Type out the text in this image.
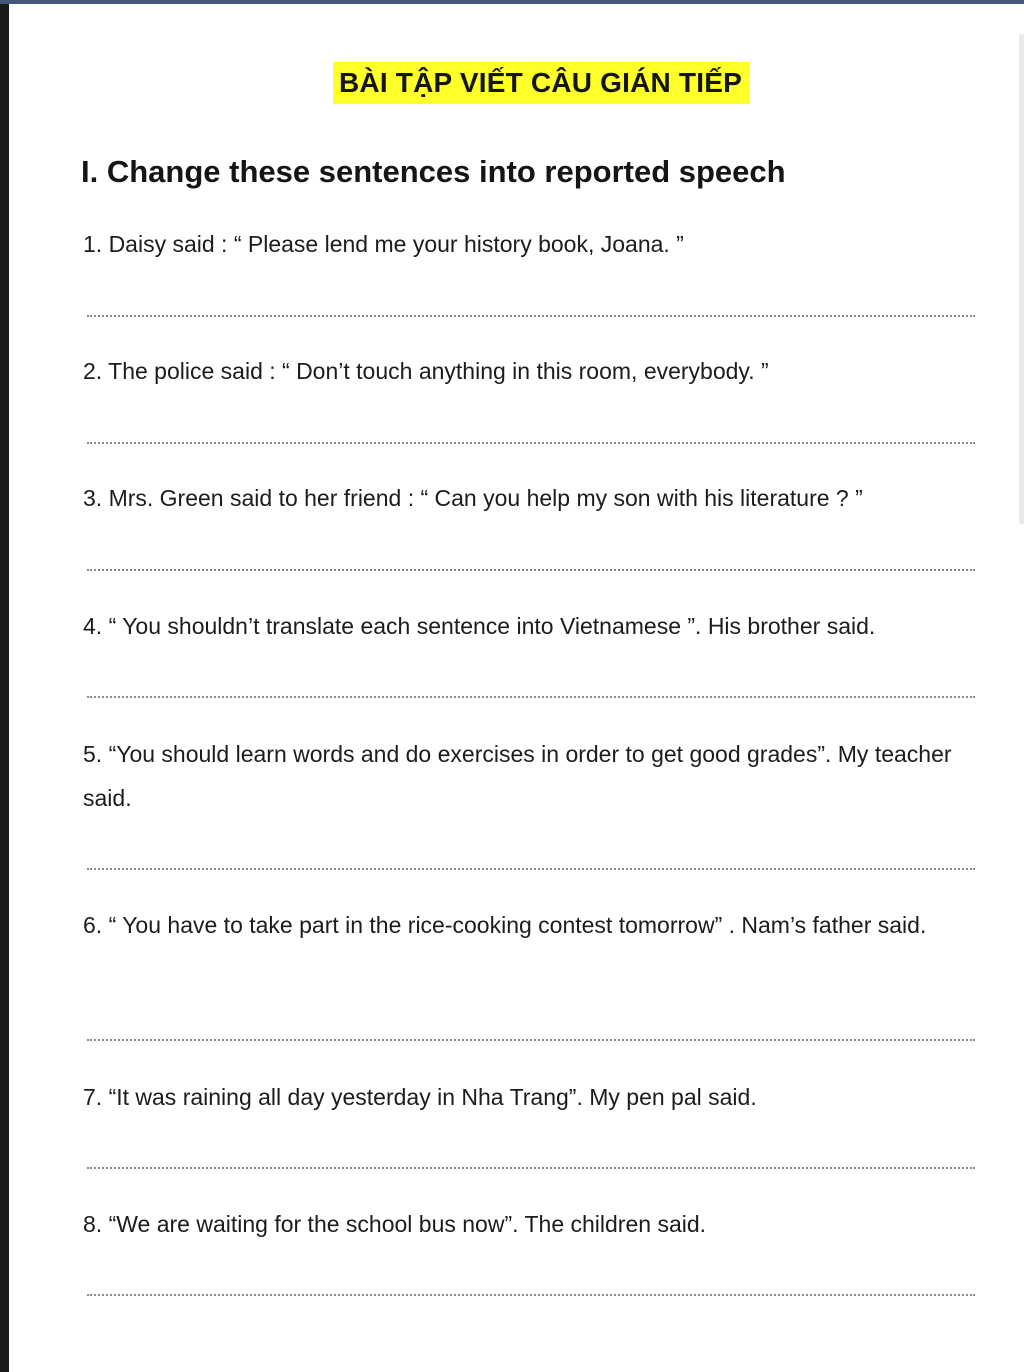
BÀI TẬP VIẾT CÂU GIÁN TIẾP
I. Change these sentences into reported speech
1. Daisy said : “ Please lend me your history book, Joana. ”
2. The police said : “ Don’t touch anything in this room, everybody. ”
3. Mrs. Green said to her friend : “ Can you help my son with his literature ? ”
4. “ You shouldn’t translate each sentence into Vietnamese ”. His brother said.
5. “You should learn words and do exercises in order to get good grades”. My teacher said.
6. “ You have to take part in the rice-cooking contest tomorrow” . Nam’s father said.
7. “It was raining all day yesterday in Nha Trang”. My pen pal said.
8. “We are waiting for the school bus now”. The children said.
